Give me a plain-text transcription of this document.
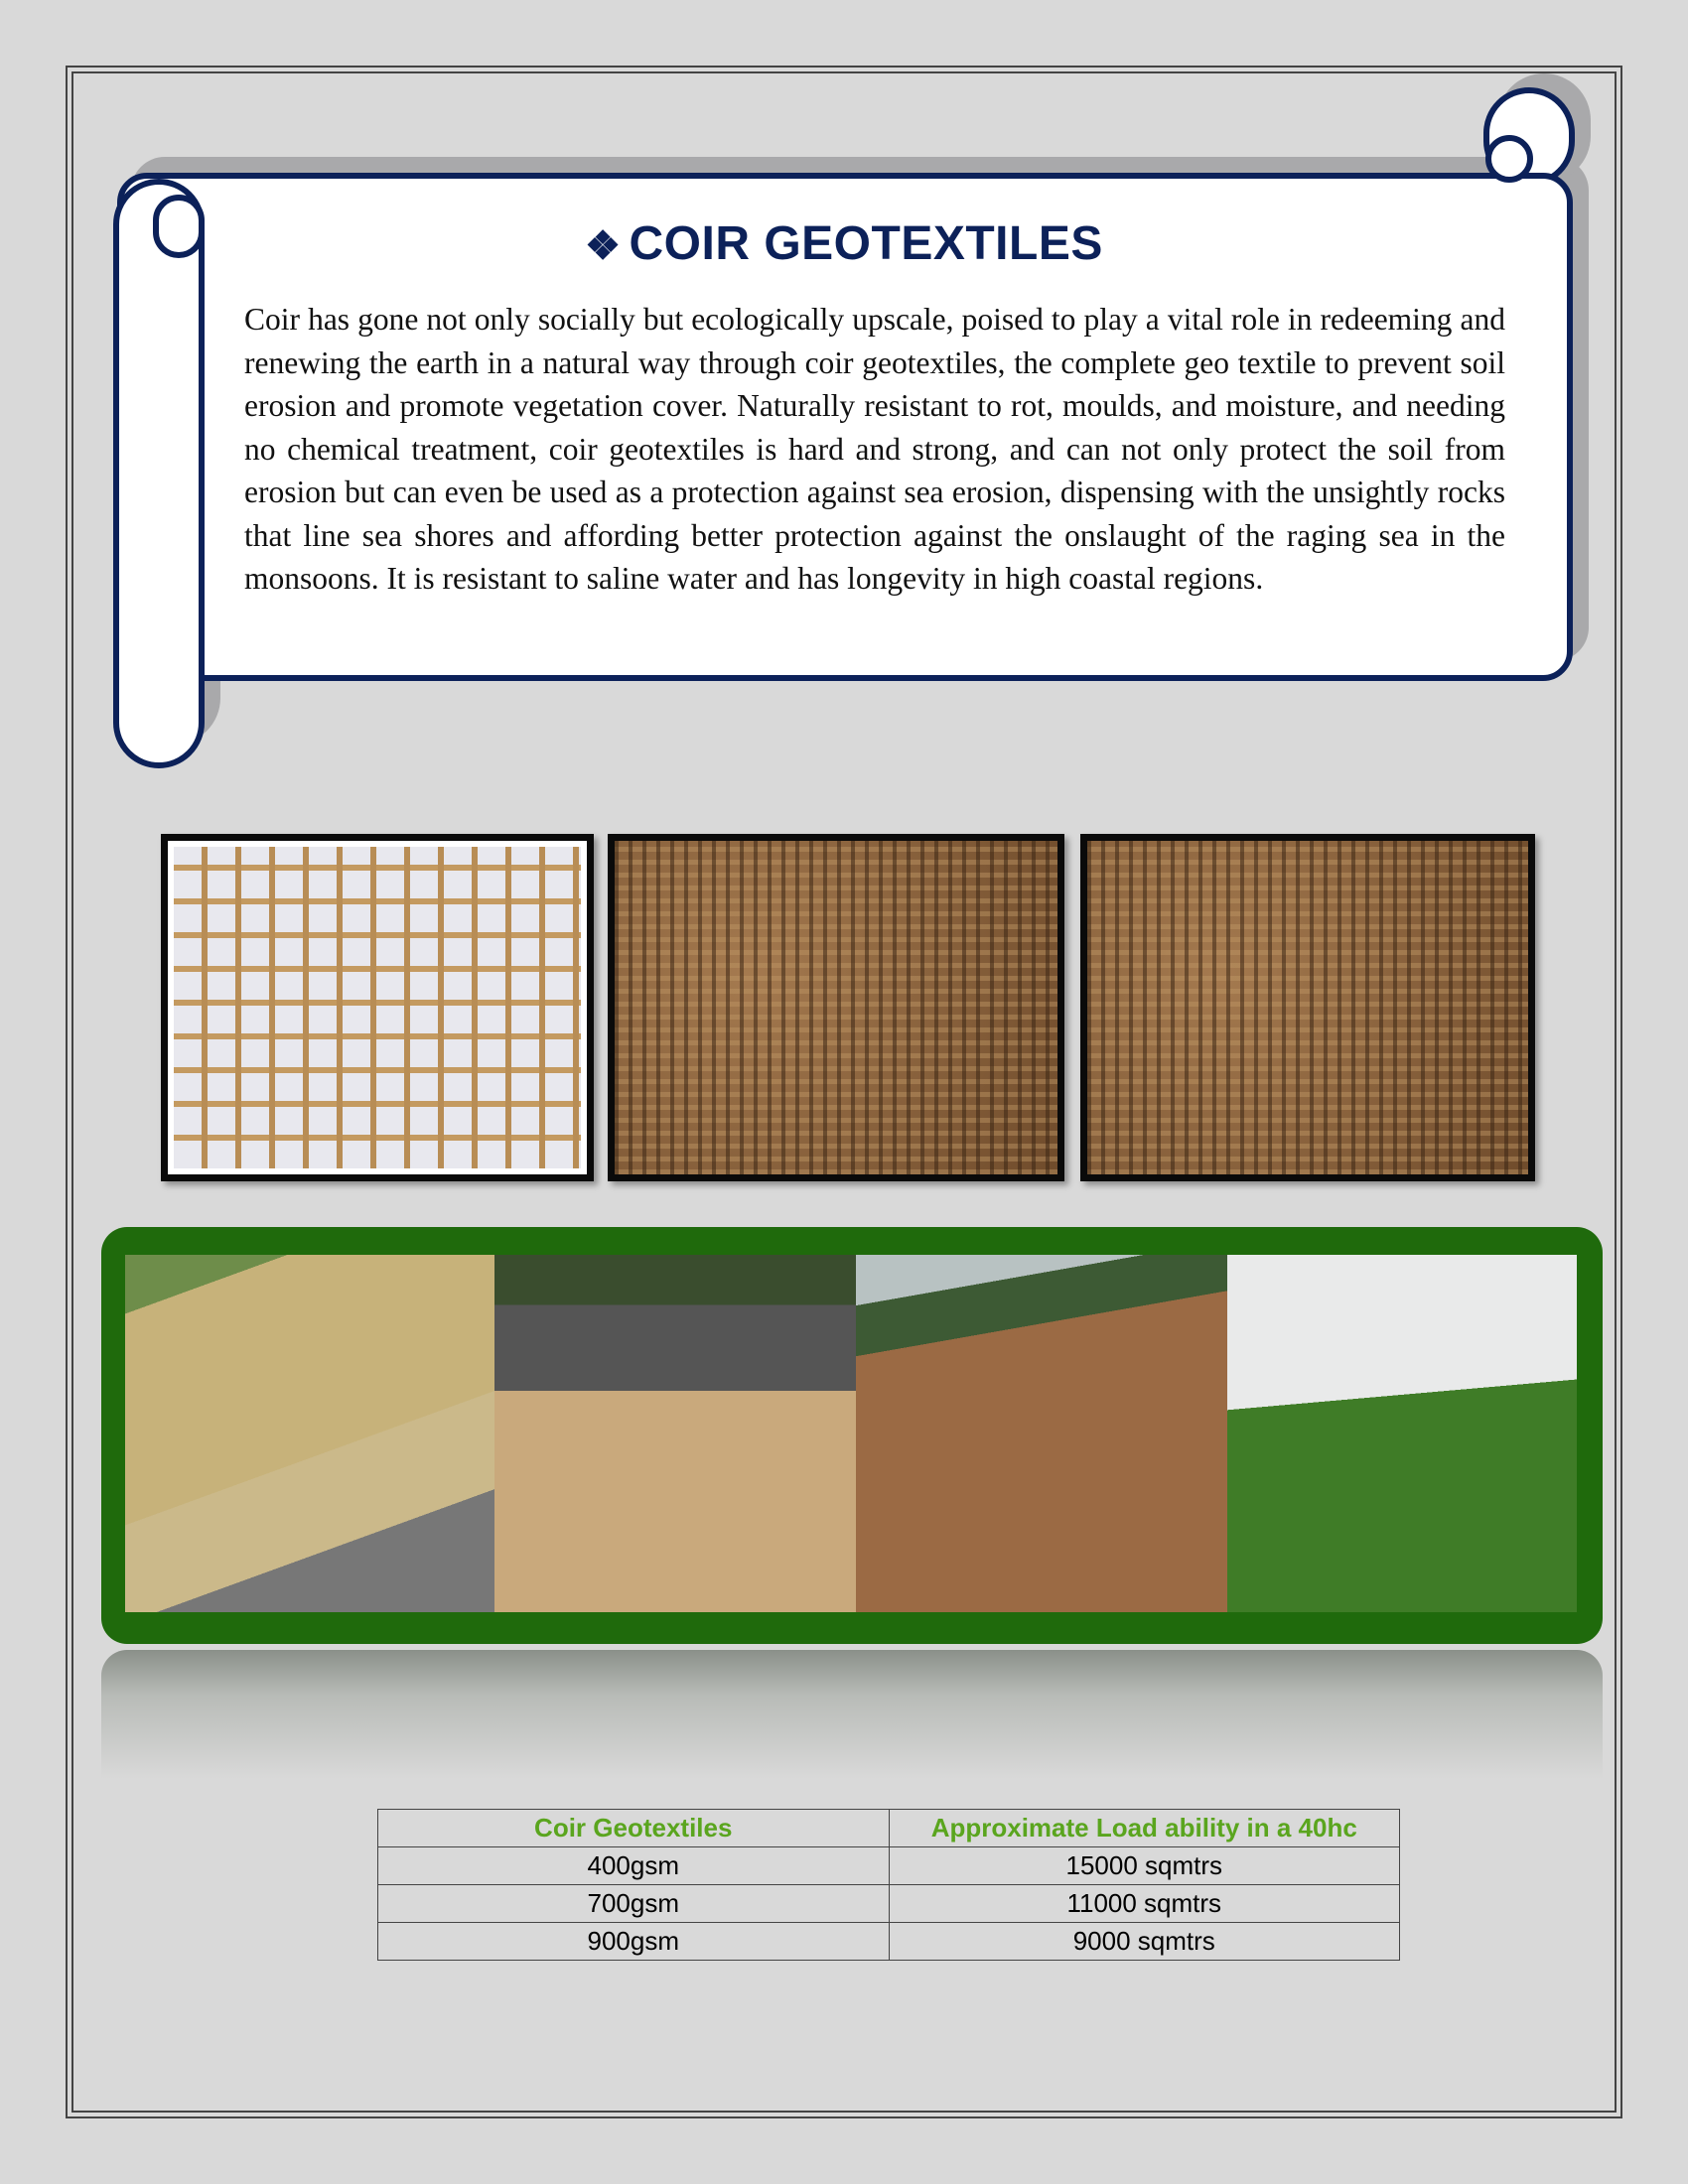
❖ COIR GEOTEXTILES
Coir has gone not only socially but ecologically upscale, poised to play a vital role in redeeming and renewing the earth in a natural way through coir geotextiles, the complete geo textile to prevent soil erosion and promote vegetation cover. Naturally resistant to rot, moulds, and moisture, and needing no chemical treatment, coir geotextiles is hard and strong, and can not only protect the soil from erosion but can even be used as a protection against sea erosion, dispensing with the unsightly rocks that line sea shores and affording better protection against the onslaught of the raging sea in the monsoons. It is resistant to saline water and has longevity in high coastal regions.
Coir Geotextiles	Approximate Load ability in a 40hc
400gsm	15000 sqmtrs
700gsm	11000 sqmtrs
900gsm	9000 sqmtrs
